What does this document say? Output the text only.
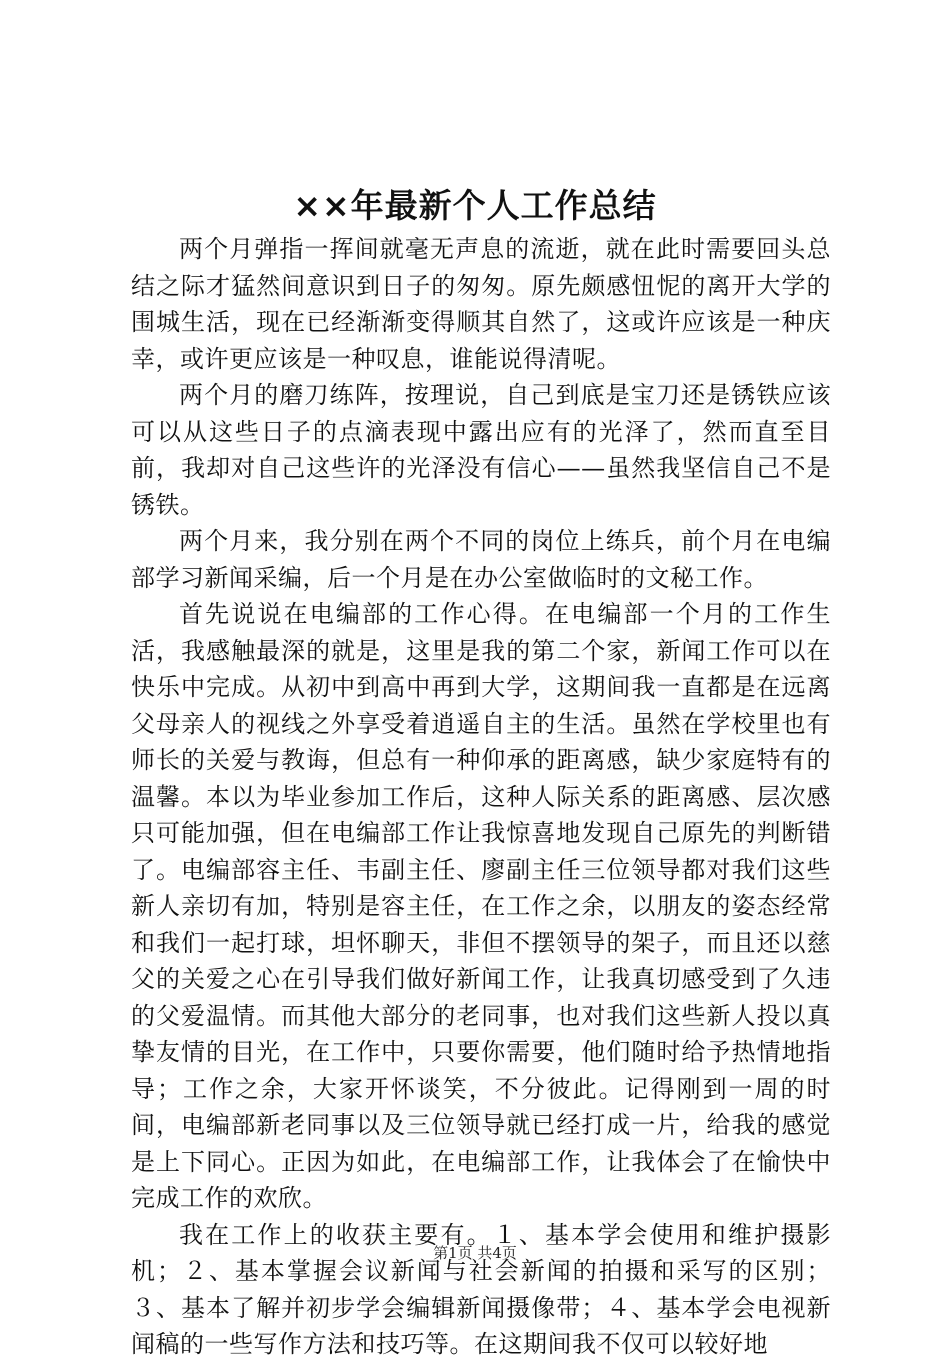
××年最新个人工作总结

两个月弹指一挥间就毫无声息的流逝，就在此时需要回头总结之际才猛然间意识到日子的匆匆。原先颇感忸怩的离开大学的围城生活，现在已经渐渐变得顺其自然了，这或许应该是一种庆幸，或许更应该是一种叹息，谁能说得清呢。

两个月的磨刀练阵，按理说，自己到底是宝刀还是锈铁应该可以从这些日子的点滴表现中露出应有的光泽了，然而直至目前，我却对自己这些许的光泽没有信心——虽然我坚信自己不是锈铁。

两个月来，我分别在两个不同的岗位上练兵，前个月在电编部学习新闻采编，后一个月是在办公室做临时的文秘工作。

首先说说在电编部的工作心得。在电编部一个月的工作生活，我感触最深的就是，这里是我的第二个家，新闻工作可以在快乐中完成。从初中到高中再到大学，这期间我一直都是在远离父母亲人的视线之外享受着逍遥自主的生活。虽然在学校里也有师长的关爱与教诲，但总有一种仰承的距离感，缺少家庭特有的温馨。本以为毕业参加工作后，这种人际关系的距离感、层次感只可能加强，但在电编部工作让我惊喜地发现自己原先的判断错了。电编部容主任、韦副主任、廖副主任三位领导都对我们这些新人亲切有加，特别是容主任，在工作之余，以朋友的姿态经常和我们一起打球，坦怀聊天，非但不摆领导的架子，而且还以慈父的关爱之心在引导我们做好新闻工作，让我真切感受到了久违的父爱温情。而其他大部分的老同事，也对我们这些新人投以真挚友情的目光，在工作中，只要你需要，他们随时给予热情地指导；工作之余，大家开怀谈笑，不分彼此。记得刚到一周的时间，电编部新老同事以及三位领导就已经打成一片，给我的感觉是上下同心。正因为如此，在电编部工作，让我体会了在愉快中完成工作的欢欣。

我在工作上的收获主要有。１、基本学会使用和维护摄影机；２、基本掌握会议新闻与社会新闻的拍摄和采写的区别；３、基本了解并初步学会编辑新闻摄像带；４、基本学会电视新闻稿的一些写作方法和技巧等。在这期间我不仅可以较好地

第1页 共4页
